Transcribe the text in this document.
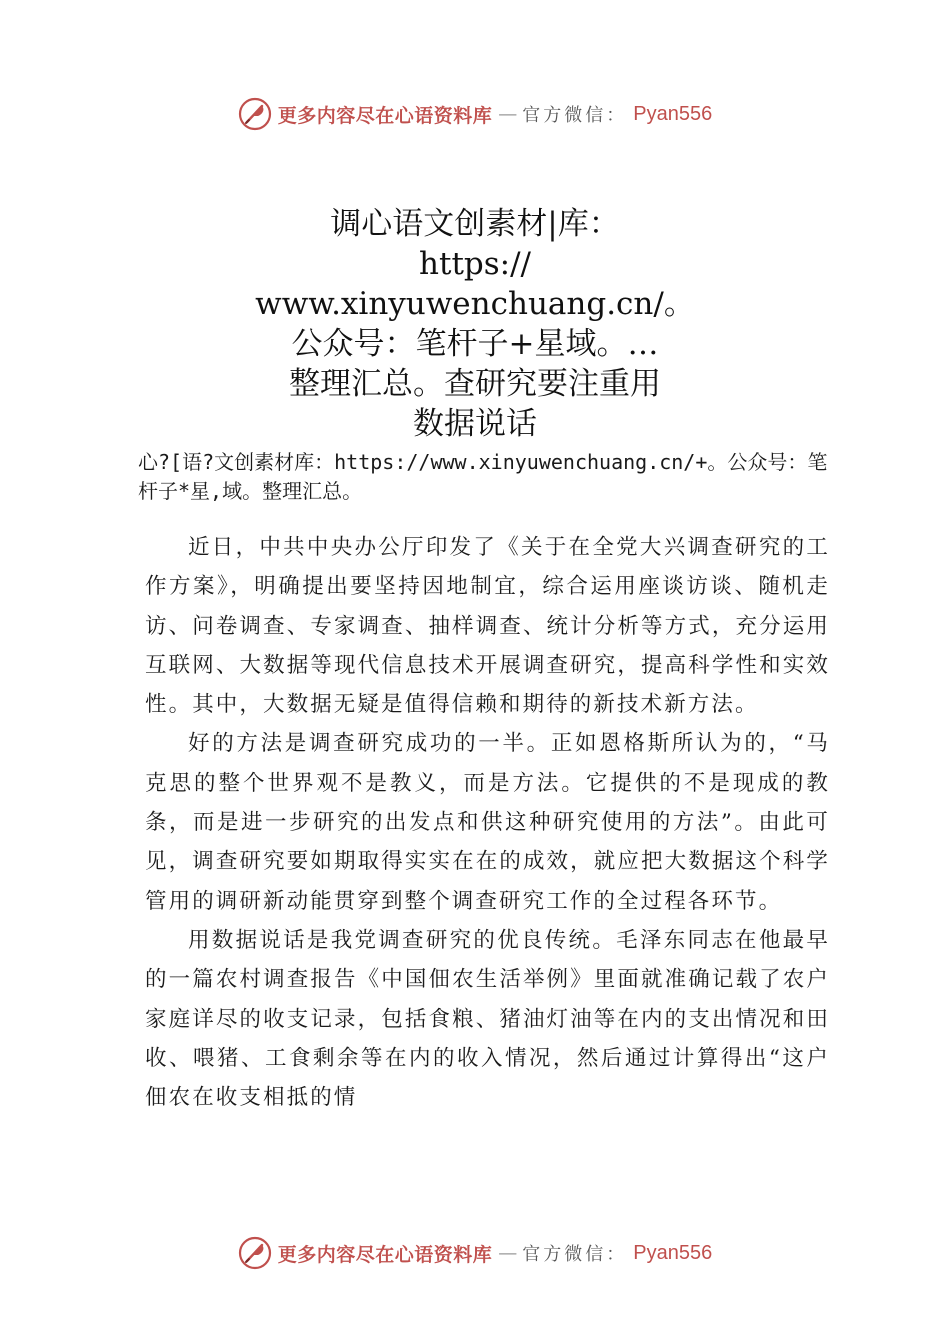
更多内容尽在心语资料库 — 官方微信： Pyan556
调心语文创素材|库：
https://
www.xinyuwenchuang.cn/。
公众号：笔杆子+星域。…
整理汇总。查研究要注重用
数据说话
心?[语?文创素材库：https://www.xinyuwenchuang.cn/+。公众号：笔杆子*星,域。整理汇总。

近日，中共中央办公厅印发了《关于在全党大兴调查研究的工作方案》，明确提出要坚持因地制宜，综合运用座谈访谈、随机走访、问卷调查、专家调查、抽样调查、统计分析等方式，充分运用互联网、大数据等现代信息技术开展调查研究，提高科学性和实效性。其中，大数据无疑是值得信赖和期待的新技术新方法。

好的方法是调查研究成功的一半。正如恩格斯所认为的，“马克思的整个世界观不是教义，而是方法。它提供的不是现成的教条，而是进一步研究的出发点和供这种研究使用的方法”。由此可见，调查研究要如期取得实实在在的成效，就应把大数据这个科学管用的调研新动能贯穿到整个调查研究工作的全过程各环节。

用数据说话是我党调查研究的优良传统。毛泽东同志在他最早的一篇农村调查报告《中国佃农生活举例》里面就准确记载了农户家庭详尽的收支记录，包括食粮、猪油灯油等在内的支出情况和田收、喂猪、工食剩余等在内的收入情况，然后通过计算得出“这户佃农在收支相抵的情

更多内容尽在心语资料库 — 官方微信： Pyan556
